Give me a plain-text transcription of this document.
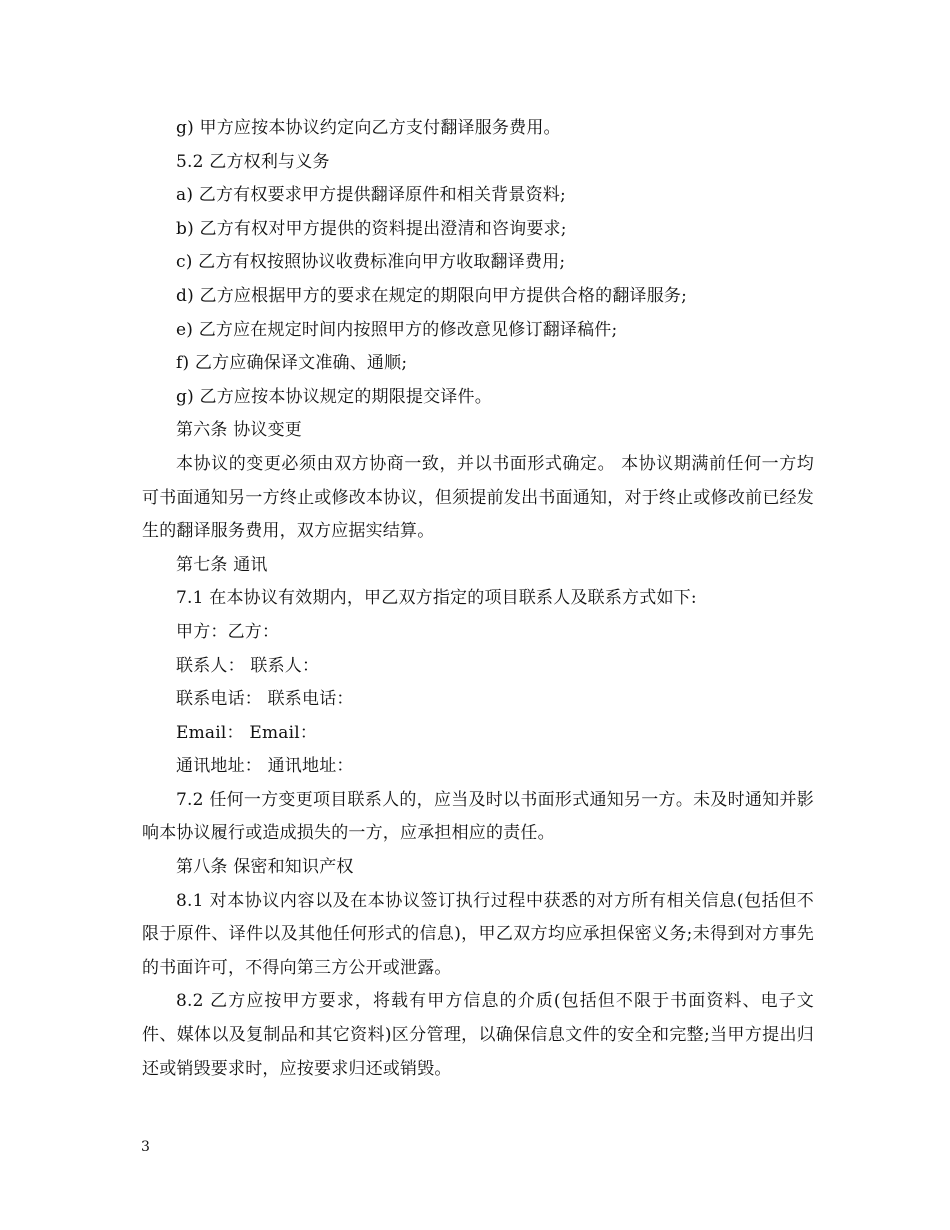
g) 甲方应按本协议约定向乙方支付翻译服务费用。
5.2 乙方权利与义务
a) 乙方有权要求甲方提供翻译原件和相关背景资料;
b) 乙方有权对甲方提供的资料提出澄清和咨询要求;
c) 乙方有权按照协议收费标准向甲方收取翻译费用;
d) 乙方应根据甲方的要求在规定的期限向甲方提供合格的翻译服务;
e) 乙方应在规定时间内按照甲方的修改意见修订翻译稿件;
f) 乙方应确保译文准确、通顺;
g) 乙方应按本协议规定的期限提交译件。
第六条 协议变更
本协议的变更必须由双方协商一致，并以书面形式确定。 本协议期满前任何一方均可书面通知另一方终止或修改本协议，但须提前发出书面通知，对于终止或修改前已经发生的翻译服务费用，双方应据实结算。
第七条 通讯
7.1 在本协议有效期内，甲乙双方指定的项目联系人及联系方式如下:
甲方：乙方：
联系人： 联系人：
联系电话： 联系电话：
Email： Email：
通讯地址： 通讯地址：
7.2 任何一方变更项目联系人的，应当及时以书面形式通知另一方。未及时通知并影响本协议履行或造成损失的一方，应承担相应的责任。
第八条 保密和知识产权
8.1 对本协议内容以及在本协议签订执行过程中获悉的对方所有相关信息(包括但不限于原件、译件以及其他任何形式的信息)，甲乙双方均应承担保密义务;未得到对方事先的书面许可，不得向第三方公开或泄露。
8.2 乙方应按甲方要求，将载有甲方信息的介质(包括但不限于书面资料、电子文件、媒体以及复制品和其它资料)区分管理，以确保信息文件的安全和完整;当甲方提出归还或销毁要求时，应按要求归还或销毁。
3
